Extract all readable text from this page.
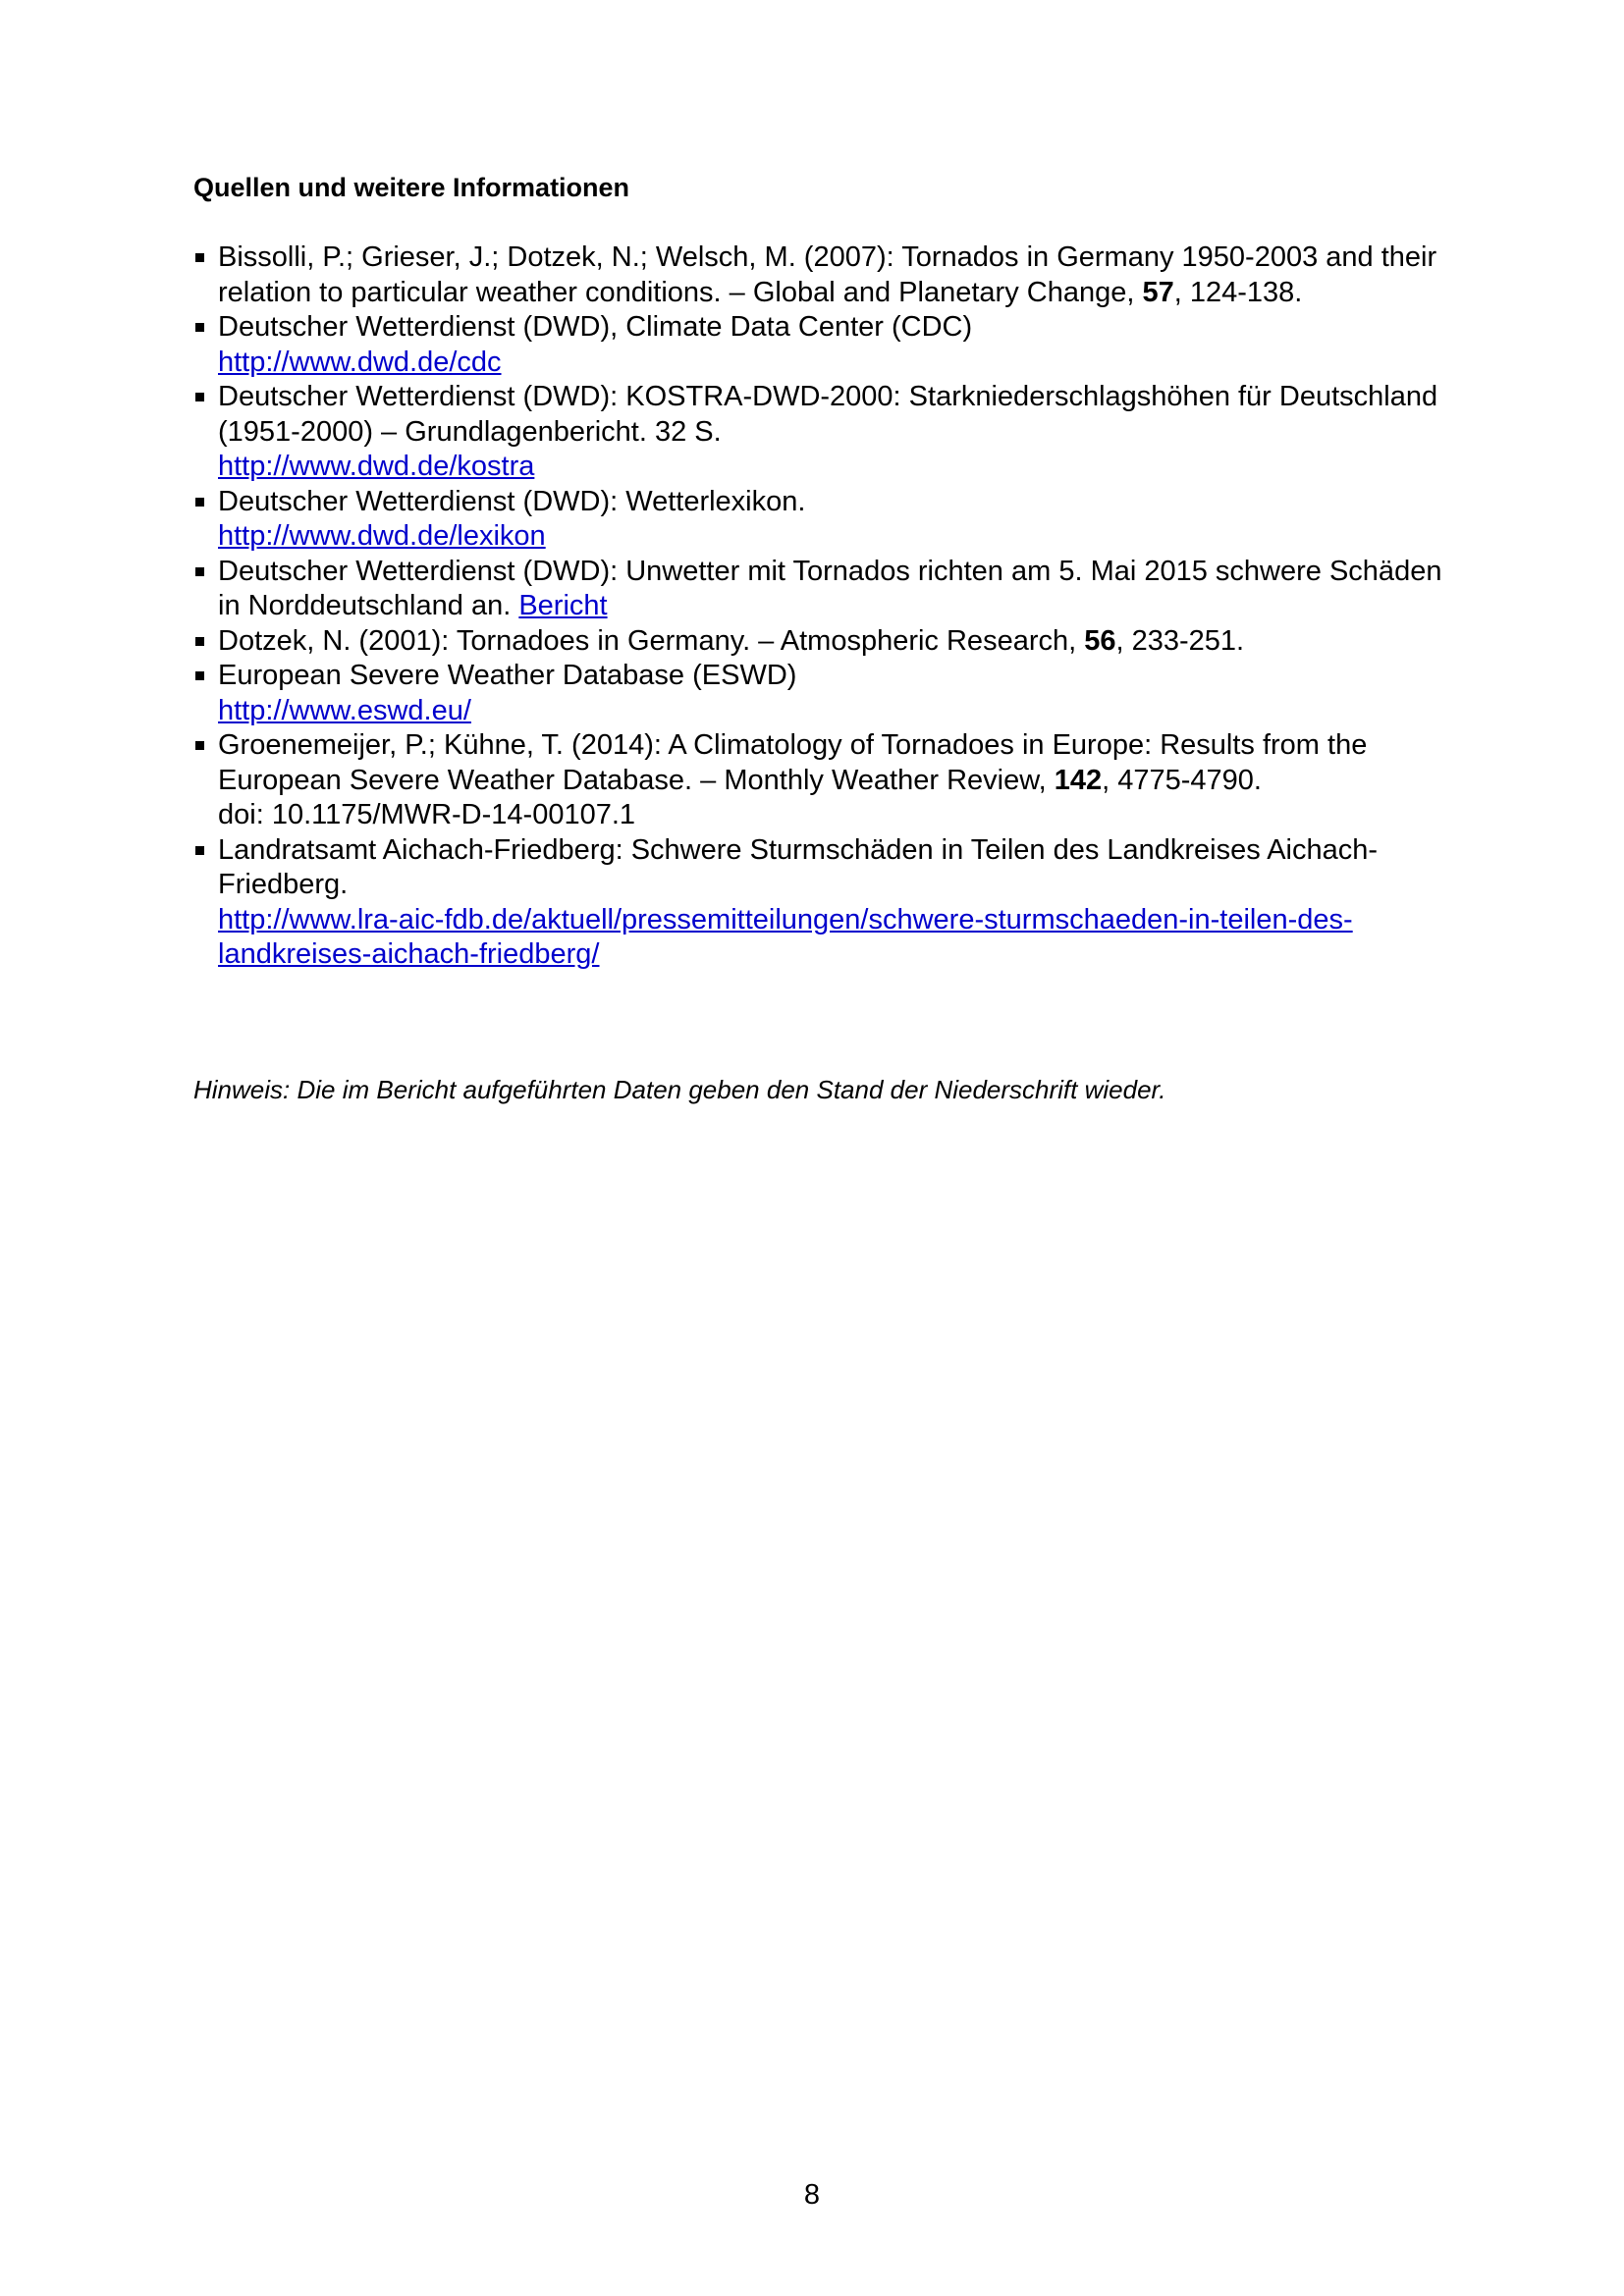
Quellen und weitere Informationen
Bissolli, P.; Grieser, J.; Dotzek, N.; Welsch, M. (2007): Tornados in Germany 1950-2003 and their relation to particular weather conditions. – Global and Planetary Change, 57, 124-138.
Deutscher Wetterdienst (DWD), Climate Data Center (CDC)
http://www.dwd.de/cdc
Deutscher Wetterdienst (DWD): KOSTRA-DWD-2000: Starkniederschlagshöhen für Deutschland (1951-2000) – Grundlagenbericht. 32 S.
http://www.dwd.de/kostra
Deutscher Wetterdienst (DWD): Wetterlexikon.
http://www.dwd.de/lexikon
Deutscher Wetterdienst (DWD): Unwetter mit Tornados richten am 5. Mai 2015 schwere Schäden in Norddeutschland an. Bericht
Dotzek, N. (2001): Tornadoes in Germany. – Atmospheric Research, 56, 233-251.
European Severe Weather Database (ESWD)
http://www.eswd.eu/
Groenemeijer, P.; Kühne, T. (2014): A Climatology of Tornadoes in Europe: Results from the European Severe Weather Database. – Monthly Weather Review, 142, 4775-4790.
doi: 10.1175/MWR-D-14-00107.1
Landratsamt Aichach-Friedberg: Schwere Sturmschäden in Teilen des Landkreises Aichach-Friedberg.
http://www.lra-aic-fdb.de/aktuell/pressemitteilungen/schwere-sturmschaeden-in-teilen-des-landkreises-aichach-friedberg/
Hinweis: Die im Bericht aufgeführten Daten geben den Stand der Niederschrift wieder.
8
